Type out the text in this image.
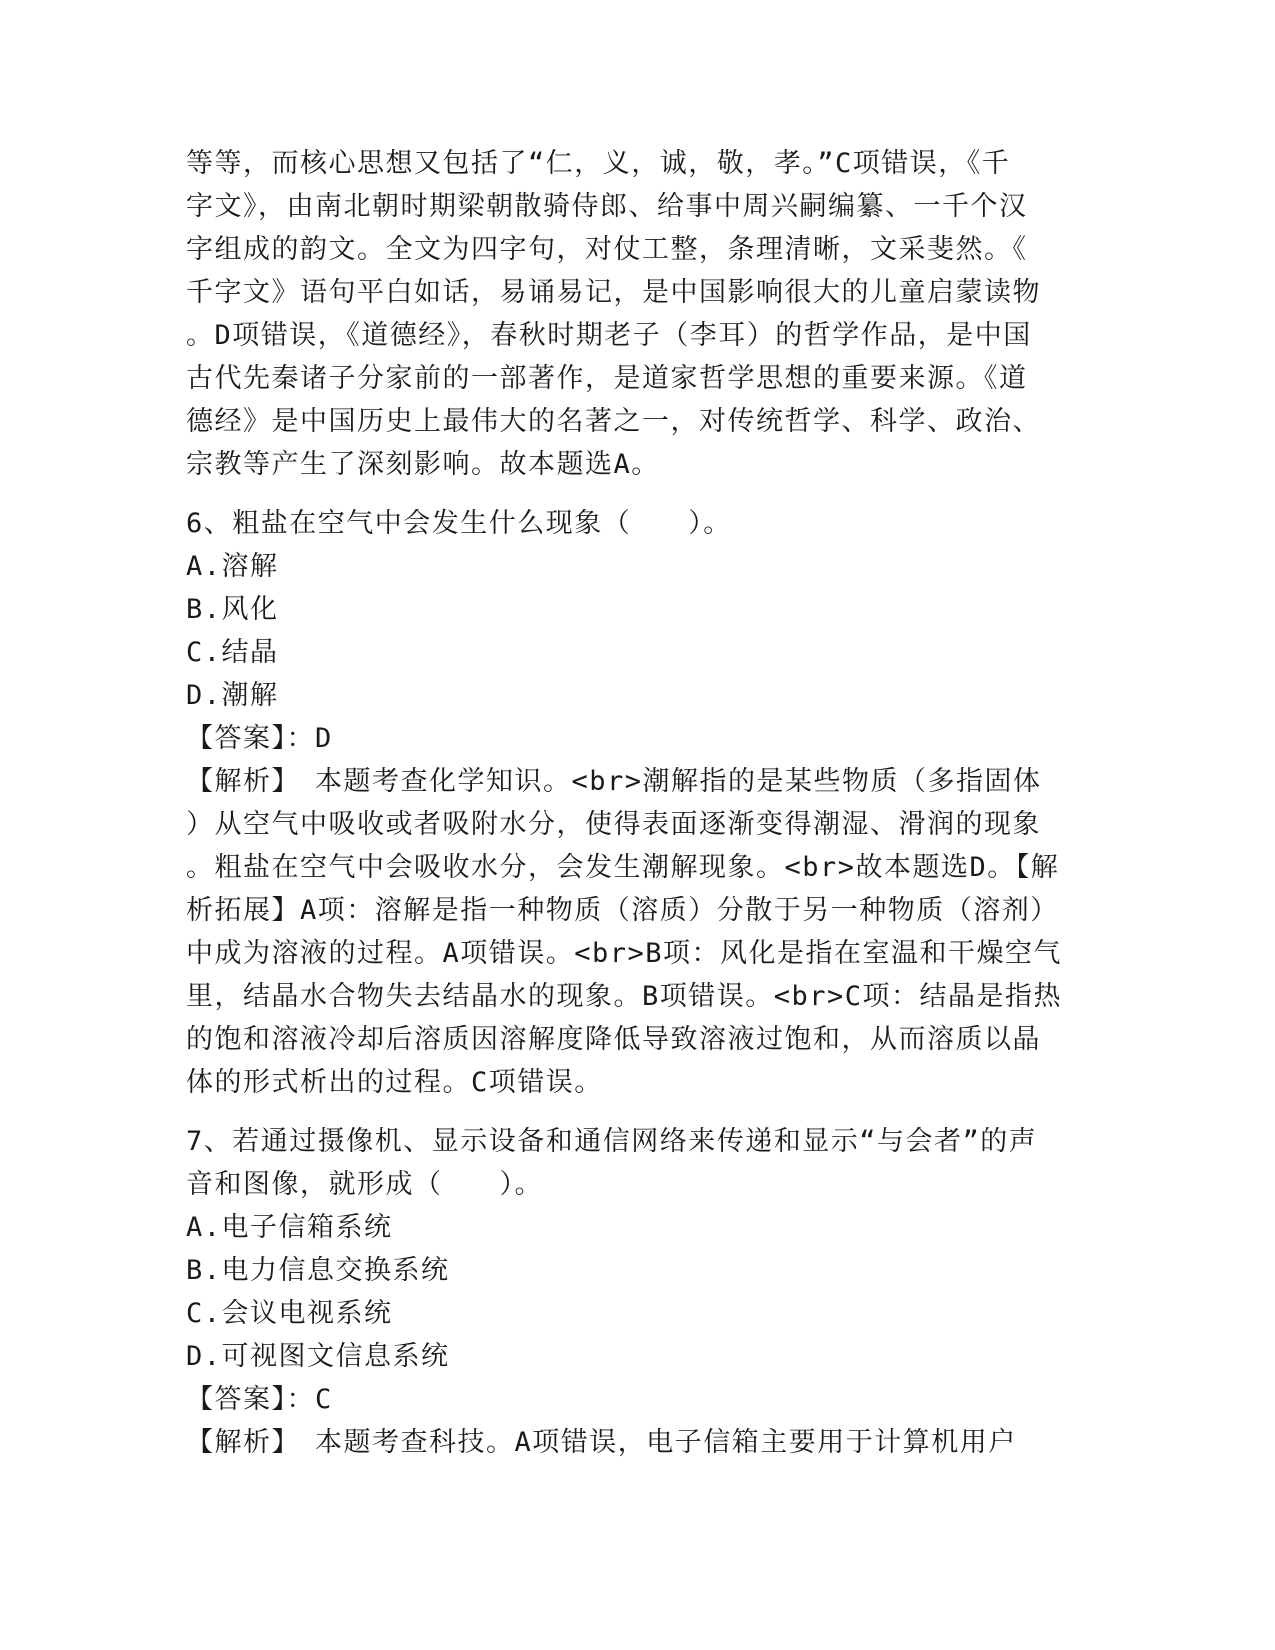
等等，而核心思想又包括了“仁，义，诚，敬，孝。”C项错误，《千
字文》，由南北朝时期梁朝散骑侍郎、给事中周兴嗣编纂、一千个汉
字组成的韵文。全文为四字句，对仗工整，条理清晰，文采斐然。《
千字文》语句平白如话，易诵易记，是中国影响很大的儿童启蒙读物
。D项错误，《道德经》，春秋时期老子（李耳）的哲学作品，是中国
古代先秦诸子分家前的一部著作，是道家哲学思想的重要来源。《道
德经》是中国历史上最伟大的名著之一，对传统哲学、科学、政治、
宗教等产生了深刻影响。故本题选A。
6、粗盐在空气中会发生什么现象（　　）。
A.溶解
B.风化
C.结晶
D.潮解
【答案】：D
【解析】　本题考查化学知识。<br>潮解指的是某些物质（多指固体
）从空气中吸收或者吸附水分，使得表面逐渐变得潮湿、滑润的现象
。粗盐在空气中会吸收水分，会发生潮解现象。<br>故本题选D。【解
析拓展】A项：溶解是指一种物质（溶质）分散于另一种物质（溶剂）
中成为溶液的过程。A项错误。<br>B项：风化是指在室温和干燥空气
里，结晶水合物失去结晶水的现象。B项错误。<br>C项：结晶是指热
的饱和溶液冷却后溶质因溶解度降低导致溶液过饱和，从而溶质以晶
体的形式析出的过程。C项错误。
7、若通过摄像机、显示设备和通信网络来传递和显示“与会者”的声
音和图像，就形成（　　）。
A.电子信箱系统
B.电力信息交换系统
C.会议电视系统
D.可视图文信息系统
【答案】：C
【解析】　本题考查科技。A项错误，电子信箱主要用于计算机用户
